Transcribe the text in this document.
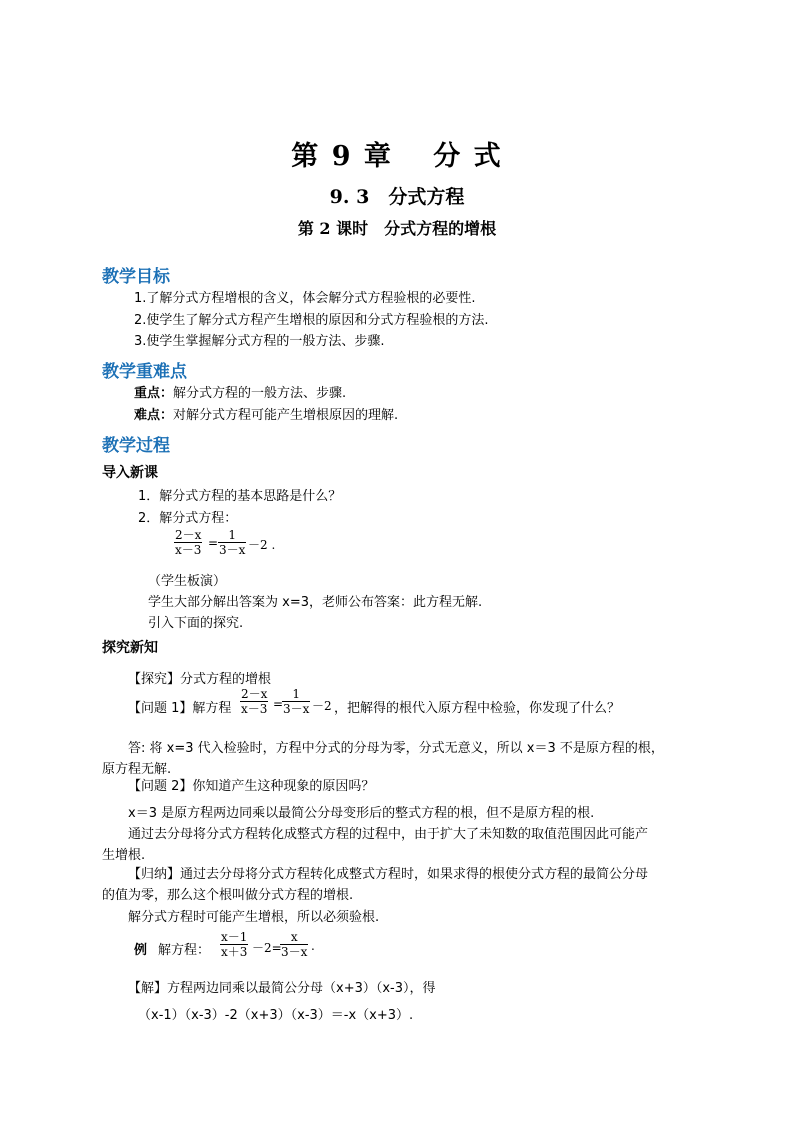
第 9 章　 分 式
9. 3　分式方程
第 2 课时　分式方程的增根
教学目标
1.了解分式方程增根的含义，体会解分式方程验根的必要性.
2.使学生了解分式方程产生增根的原因和分式方程验根的方法.
3.使学生掌握解分式方程的一般方法、步骤.
教学重难点
重点：解分式方程的一般方法、步骤.
难点：对解分式方程可能产生增根原因的理解.
教学过程
导入新课
1．解分式方程的基本思路是什么？
2．解分式方程：
$\frac{2-x}{x-3} = \frac{1}{3-x} -2$ .
（学生板演）
学生大部分解出答案为 x=3，老师公布答案：此方程无解.
引入下面的探究.
探究新知
【探究】分式方程的增根
【问题 1】解方程 $\frac{2-x}{x-3}$ =
$\frac{1}{3-x} -2$ ，把解得的根代入原方程中检验，你发现了什么？
答: 将 x=3 代入检验时，方程中分式的分母为零，分式无意义，所以 x＝3 不是原方程的根，
原方程无解.
【问题 2】你知道产生这种现象的原因吗？
x＝3 是原方程两边同乘以最简公分母变形后的整式方程的根，但不是原方程的根.
通过去分母将分式方程转化成整式方程的过程中，由于扩大了未知数的取值范围因此可能产
生增根.
【归纳】通过去分母将分式方程转化成整式方程时，如果求得的根使分式方程的最简公分母
的值为零，那么这个根叫做分式方程的增根.
解分式方程时可能产生增根，所以必须验根.
例 解方程： $\frac{x-1}{x+3} -2=$
$\frac{x}{3-x}$ .
【解】方程两边同乘以最简公分母（x+3）（x-3），得
（x-1）（x-3）-2（x+3）（x-3）＝-x（x+3）.
